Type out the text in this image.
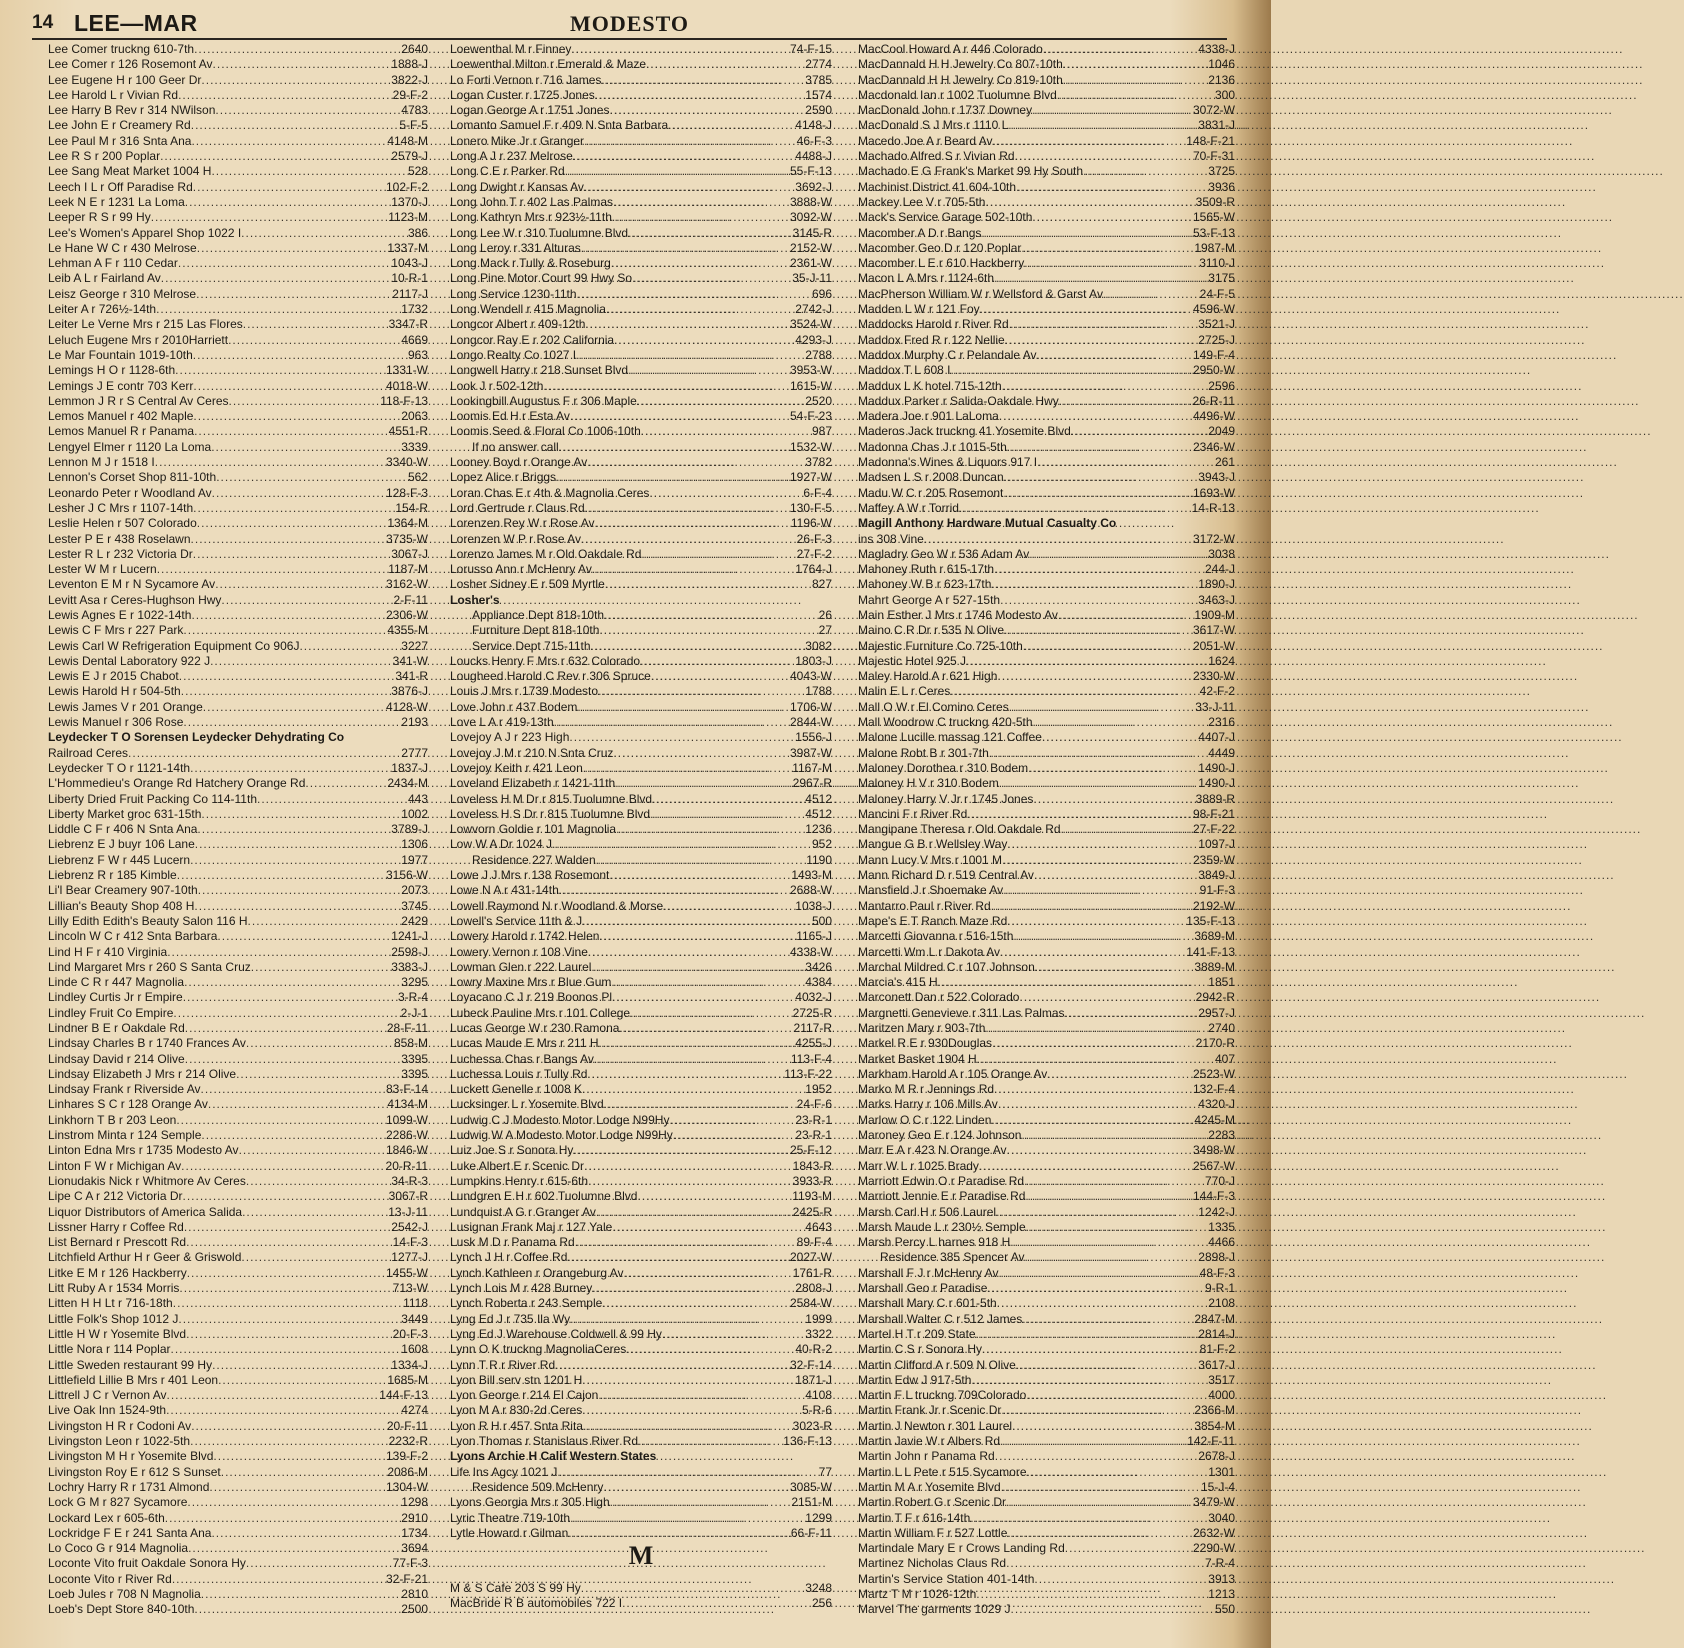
14 LEE—MAR	MODESTO
Lee Comer truckng 610-7th .....	2640
Lee Comer r 126 Rosemont Av .....	1888-J
Lee Eugene H r 100 Geer Dr .....	3822-J
Lee Harold L r Vivian Rd .....	29-F-2
Lee Harry B Rev r 314 NWilson .....	4783
Lee John E r Creamery Rd .....	5-F-5
Lee Paul M r 316 Snta Ana .....	4148-M
Lee R S r 200 Poplar .....	2579-J
Lee Sang Meat Market 1004 H .....	528
Leech I L r Off Paradise Rd .....	102-F-2
Leek N E r 1231 La Loma .....	1370-J
Leeper R S r 99 Hy .....	1123-M
Lee's Women's Apparel Shop 1022 I .....	386
Le Hane W C r 430 Melrose .....	1337-M
Lehman A F r 110 Cedar .....	1043-J
Leib A L r Fairland Av .....	10-R-1
Leisz George r 310 Melrose .....	2117-J
Leiter A r 726½-14th .....	1732
Leiter Le Verne Mrs r 215 Las Flores .....	3347-R
Leluch Eugene Mrs r 2010Harriett .....	4669
Le Mar Fountain 1019-10th .....	963
Lemings H O r 1128-6th .....	1331-W
Lemings J E contr 703 Kerr .....	4018-W
Lemmon J R r S Central Av Ceres .....	118-F-13
Lemos Manuel r 402 Maple .....	2063
Lemos Manuel R r Panama .....	4551-R
Lengyel Elmer r 1120 La Loma .....	3339
Lennon M J r 1518 I .....	3340-W
Lennon's Corset Shop 811-10th .....	562
Leonardo Peter r Woodland Av .....	128-F-3
Lesher J C Mrs r 1107-14th .....	154-R
Leslie Helen r 507 Colorado .....	1364-M
Lester P E r 438 Roselawn .....	3735-W
Lester R L r 232 Victoria Dr .....	3067-J
Lester W M r Lucern .....	1187-M
Leventon E M r N Sycamore Av .....	3162-W
Levitt Asa r Ceres-Hughson Hwy .....	2-F-11
Lewis Agnes E r 1022-14th .....	2306-W
Lewis C F Mrs r 227 Park .....	4355-M
Lewis Carl W Refrigeration Equipment Co 906J .....	3227
Lewis Dental Laboratory 922 J .....	341-W
Lewis E J r 2015 Chabot .....	341-R
Lewis Harold H r 504-5th .....	3876-J
Lewis James V r 201 Orange .....	4128-W
Lewis Manuel r 306 Rose .....	2193
Leydecker T O Sorensen Leydecker Dehydrating Co
Railroad Ceres .....	2777
Leydecker T O r 1121-14th .....	1837-J
L'Hommedieu's Orange Rd Hatchery Orange Rd .....	2434-M
Liberty Dried Fruit Packing Co 114-11th .....	443
Liberty Market groc 631-15th .....	1002
Liddle C F r 406 N Snta Ana .....	3789-J
Liebrenz E J buyr 106 Lane .....	1306
Liebrenz F W r 445 Lucern .....	1977
Liebrenz R r 185 Kimble .....	3156-W
Li'l Bear Creamery 907-10th .....	2073
Lillian's Beauty Shop 408 H .....	3745
Lilly Edith Edith's Beauty Salon 116 H .....	2429
Lincoln W C r 412 Snta Barbara .....	1241-J
Lind H F r 410 Virginia .....	2598-J
Lind Margaret Mrs r 260 S Santa Cruz .....	3383-J
Linde C R r 447 Magnolia .....	3295
Lindley Curtis Jr r Empire .....	3-R-4
Lindley Fruit Co Empire .....	2-J-1
Lindner B E r Oakdale Rd .....	28-F-11
Lindsay Charles B r 1740 Frances Av .....	858-M
Lindsay David r 214 Olive .....	3395
Lindsay Elizabeth J Mrs r 214 Olive .....	3395
Lindsay Frank r Riverside Av .....	83-F-14
Linhares S C r 128 Orange Av .....	4134-M
Linkhorn T B r 203 Leon .....	1099-W
Linstrom Minta r 124 Semple .....	2286-W
Linton Edna Mrs r 1735 Modesto Av .....	1846-W
Linton F W r Michigan Av .....	20-R-11
Lionudakis Nick r Whitmore Av Ceres .....	34-R-3
Lipe C A r 212 Victoria Dr .....	3067-R
Liquor Distributors of America Salida .....	13-J-11
Lissner Harry r Coffee Rd .....	2542-J
List Bernard r Prescott Rd .....	14-F-3
Litchfield Arthur H r Geer & Griswold .....	1277-J
Litke E M r 126 Hackberry .....	1455-W
Litt Ruby A r 1534 Morris .....	713-W
Litten H H Lt r 716-18th .....	1118
Little Folk's Shop 1012 J .....	3449
Little H W r Yosemite Blvd .....	20-F-3
Little Nora r 114 Poplar .....	1608
Little Sweden restaurant 99 Hy .....	1334-J
Littlefield Lillie B Mrs r 401 Leon .....	1685-M
Littrell J C r Vernon Av .....	144-F-13
Live Oak Inn 1524-9th .....	4274
Livingston H R r Codoni Av .....	20-F-11
Livingston Leon r 1022-5th .....	2232-R
Livingston M H r Yosemite Blvd .....	139-F-2
Livingston Roy E r 612 S Sunset .....	2086-M
Lochry Harry R r 1731 Almond .....	1304-W
Lock G M r 827 Sycamore .....	1298
Lockard Lex r 605-6th .....	2910
Lockridge F E r 241 Santa Ana .....	1734
Lo Coco G r 914 Magnolia .....	3694
Loconte Vito fruit Oakdale Sonora Hy .....	77-F-3
Loconte Vito r River Rd .....	32-F-21
Loeb Jules r 708 N Magnolia .....	2810
Loeb's Dept Store 840-10th .....	2500
Loewenthal M r Finney .....	74-F-15
Loewenthal Milton r Emerald & Maze .....	2774
Lo Forti Vernon r 716 James .....	3785
Logan Custer r 1725 Jones .....	1574
Logan George A r 1751 Jones .....	2590
Lomanto Samuel F r 409 N Snta Barbara .....	4148-J
Lonero Mike Jr r Granger .....	46-F-3
Long A J r 237 Melrose .....	4488-J
Long C E r Parker Rd .....	55-F-13
Long Dwight r Kansas Av .....	3692-J
Long John T r 402 Las Palmas .....	3888-W
Long Kathryn Mrs r 923½-11th .....	3092-W
Long Lee W r 310 Tuolumne Blvd .....	3145-R
Long Leroy r 331 Alturas .....	2152-W
Long Mack r Tully & Roseburg .....	2361-W
Long Pine Motor Court 99 Hwy So .....	35-J-11
Long Service 1230-11th .....	696
Long Wendell r 415 Magnolia .....	2742-J
Longcor Albert r 409-12th .....	3524-W
Longcor Ray E r 202 California .....	4293-J
Longo Realty Co 1027 I .....	2788
Longwell Harry r 218 Sunset Blvd .....	3953-W
Look J r 502-12th .....	1615-W
Lookingbill Augustus F r 306 Maple .....	2520
Loomis Ed H r Esta Av .....	54-F-23
Loomis Seed & Floral Co 1006-10th .....	987
If no answer call .....	1532-W
Looney Boyd r Orange Av .....	3782
Lopez Alice r Briggs .....	1927-W
Loran Chas E r 4th & Magnolia Ceres .....	6-F-4
Lord Gertrude r Claus Rd .....	130-F-5
Lorenzen Rey W r Rose Av .....	1196-W
Lorenzen W P r Rose Av .....	26-F-3
Lorenzo James M r Old Oakdale Rd .....	27-F-2
Lorusso Ann r McHenry Av .....	1764-J
Losher Sidney E r 509 Myrtle .....	827
Losher's
Appliance Dept 818-10th .....	26
Furniture Dept 818-10th .....	27
Service Dept 715-11th .....	3082
Loucks Henry F Mrs r 632 Colorado .....	1803-J
Lougheed Harold C Rev r 306 Spruce .....	4043-W
Louis J Mrs r 1739 Modesto .....	1788
Love John r 437 Bodem .....	1706-W
Love L A r 419-13th .....	2844-W
Lovejoy A J r 223 High .....	1556-J
Lovejoy J M r 210 N Snta Cruz .....	3987-W
Lovejoy Keith r 421 Leon .....	1167-M
Loveland Elizabeth r 1421-11th .....	2967-R
Loveless H M Dr r 815 Tuolumne Blvd .....	4512
Loveless H S Dr r 815 Tuolumne Blvd .....	4512
Lowvorn Goldie r 101 Magnolia .....	1236
Low W A Dr 1024 J .....	952
Residence 227 Walden .....	1190
Lowe J J Mrs r 138 Rosemont .....	1493-M
Lowe N A r 431-14th .....	2688-W
Lowell Raymond N r Woodland & Morse .....	1038-J
Lowell's Service 11th & J .....	500
Lowery Harold r 1742 Helen .....	1165-J
Lowery Vernon r 108 Vine .....	4338-W
Lowman Glen r 222 Laurel .....	3426
Lowry Maxine Mrs r Blue Gum .....	4384
Loyacano C J r 219 Boonos Pl .....	4032-J
Lubeck Pauline Mrs r 101 College .....	2725-R
Lucas George W r 230 Ramona .....	2117-R
Lucas Maude E Mrs r 211 H .....	4255-J
Luchessa Chas r Bangs Av .....	113-F-4
Luchessa Louis r Tully Rd .....	113-F-22
Luckett Genelle r 1008 K .....	1952
Lucksinger L r Yosemite Blvd .....	24-F-6
Ludwig C J Modesto Motor Lodge N99Hy .....	23-R-1
Ludwig W A Modesto Motor Lodge N99Hy .....	23-R-1
Luiz Joe S r Sonora Hy .....	25-F-12
Luke Albert E r Scenic Dr .....	1843-R
Lumpkins Henry r 615-6th .....	3933-R
Lundgren E H r 602 Tuolumne Blvd .....	1193-M
Lundquist A G r Granger Av .....	2425-R
Lusignan Frank Maj r 127 Yale .....	4643
Lusk M D r Panama Rd .....	89-F-4
Lynch J H r Coffee Rd .....	2027-W
Lynch Kathleen r Orangeburg Av .....	1761-R
Lynch Lois M r 428 Burney .....	2808-J
Lynch Roberta r 243 Semple .....	2584-W
Lyng Ed J r 735 Ila Wy .....	1999
Lyng Ed J Warehouse Coldwell & 99 Hy .....	3322
Lynn O K truckng MagnoliaCeres .....	40-R-2
Lynn T R r River Rd .....	32-F-14
Lyon Bill serv stn 1201 H .....	1871-J
Lyon George r 214 El Cajon .....	4108
Lyon M A r 830-2d Ceres .....	5-R-6
Lyon R H r 457 Snta Rita .....	3023-R
Lyon Thomas r Stanislaus River Rd .....	136-F-13
Lyons Archie H Calif Western States
Life Ins Agcy 1021 J .....	77
Residence 509 McHenry .....	3085-W
Lyons Georgia Mrs r 305 High .....	2151-M
Lyric Theatre 719-10th .....	1299
Lytle Howard r Gilman .....	66-F-11
M
M & S Cafe 203 S 99 Hy .....	3248
MacBride R B automobiles 722 I .....	256
MacCool Howard A r 446 Colorado .....	4338-J
MacDannald H H Jewelry Co 807-10th .....	1046
MacDannald H H Jewelry Co 819-10th .....	2136
Macdonald Ian r 1002 Tuolumne Blvd .....	300
MacDonald John r 1737 Downey .....	3072-W
MacDonald S J Mrs r 1110 L .....	3831-J
Macedo Joe A r Beard Av .....	148-F-21
Machado Alfred S r Vivian Rd .....	70-F-31
Machado E G Frank's Market 99 Hy South .....	3725
Machinist District 41 604-10th .....	3936
Mackey Lee V r 705-5th .....	3509-R
Mack's Service Garage 502-10th .....	1565-W
Macomber A D r Bangs .....	53-F-13
Macomber Geo D r 120 Poplar .....	1987-M
Macomber L E r 610 Hackberry .....	3110-J
Macon L A Mrs r 1124-6th .....	3175
MacPherson William W r Wellsford & Garst Av .....	24-F-5
Madden L W r 121 Foy .....	4596-W
Maddocks Harold r River Rd .....	3521-J
Maddox Fred R r 122 Nellie .....	2725-J
Maddox Murphy C r Pelandale Av .....	149-F-4
Maddox T L 608 I .....	2950-W
Maddux L K hotel 715-12th .....	2596
Maddux Parker r Salida-Oakdale Hwy .....	26-R-11
Madera Joe r 901 LaLoma .....	4496-W
Maderos Jack truckng 41 Yosemite Blvd .....	2049
Madonna Chas J r 1015-5th .....	2346-W
Madonna's Wines & Liquors 917 I .....	261
Madsen L S r 2008 Duncan .....	3943-J
Madu W C r 205 Rosemont .....	1693-W
Maffey A W r Torrid .....	14-R-13
Magill Anthony Hardware Mutual Casualty Co
ins 308 Vine .....	3172-W
Magladry Geo W r 536 Adam Av .....	3038
Mahoney Ruth r 615-17th .....	244-J
Mahoney W B r 623-17th .....	1890-J
Mahrt George A r 527-15th .....	3463-J
Main Esther J Mrs r 1746 Modesto Av .....	1909-M
Maino C R Dr r 535 N Olive .....	3617-W
Majestic Furniture Co 725-10th .....	2051-W
Majestic Hotel 925 J .....	1624
Maley Harold A r 621 High .....	2330-W
Malin E L r Ceres .....	42-F-2
Mall O W r El Comino Ceres .....	33-J-11
Mall Woodrow C truckng 420-5th .....	2316
Malone Lucille massag 121 Coffee .....	4407-J
Malone Robt B r 301-7th .....	4449
Maloney Dorothea r 310 Bodem .....	1490-J
Maloney H V r 310 Bodem .....	1490-J
Maloney Harry V Jr r 1745 Jones .....	3889-R
Mancini F r River Rd .....	98-F-21
Mangipane Theresa r Old Oakdale Rd .....	27-F-22
Mangue G B r Wellsley Way .....	1097-J
Mann Lucy V Mrs r 1001 M .....	2359-W
Mann Richard D r 519 Central Av .....	3849-J
Mansfield J r Shoemake Av .....	91-F-3
Mantarro Paul r River Rd .....	2192-W
Mape's E T Ranch Maze Rd .....	135-F-13
Marcetti Giovanna r 516-15th .....	3689-M
Marcetti Wm L r Dakota Av .....	141-F-13
Marchal Mildred C r 107 Johnson .....	3889-M
Marcia's 415 H .....	1851
Marconett Dan r 522 Colorado .....	2942-R
Margnetti Genevieve r 311 Las Palmas .....	2957-J
Maritzen Mary r 903-7th .....	2740
Markel R E r 930Douglas .....	2170-R
Market Basket 1904 H .....	407
Markham Harold A r 105 Orange Av .....	2523-W
Marko M R r Jennings Rd .....	132-F-4
Marks Harry r 106 Mills Av .....	4320-J
Marlow O C r 122 Linden .....	4245-M
Maroney Geo E r 124 Johnson .....	2283
Marr E A r 423 N Orange Av .....	3498-W
Marr W L r 1025 Brady .....	2567-W
Marriott Edwin O r Paradise Rd .....	770-J
Marriott Jennie E r Paradise Rd .....	144-F-3
Marsh Carl H r 506 Laurel .....	1242-J
Marsh Maude L r 230½ Semple .....	1335
Marsh Percy L harnes 918 H .....	4466
Residence 385 Spencer Av .....	2898-J
Marshall F J r McHenry Av .....	48-F-3
Marshall Geo r Paradise .....	9-R-1
Marshall Mary C r 601-5th .....	2108
Marshall Walter C r 512 James .....	2847-M
Martel H T r 209 State .....	2814-J
Martin C S r Sonora Hy .....	81-F-2
Martin Clifford A r 509 N Olive .....	3617-J
Martin Edw J 917-5th .....	3517
Martin F L truckng 709Colorado .....	4000
Martin Frank Jr r Scenic Dr .....	2366-M
Martin J Newton r 301 Laurel .....	3854-M
Martin Javie W r Albers Rd .....	142-F-11
Martin John r Panama Rd .....	2678-J
Martin L L Pete r 515 Sycamore .....	1301
Martin M A r Yosemite Blvd .....	15-J-4
Martin Robert G r Scenic Dr .....	3479-W
Martin T F r 616-14th .....	3040
Martin William F r 527 Lottle .....	2632-W
Martindale Mary E r Crows Landing Rd .....	2290-W
Martinez Nicholas Claus Rd .....	7-R-4
Martin's Service Station 401-14th .....	3913
Martz T M r 1026-12th .....	1213
Marvel The garments 1029 J .....	550
